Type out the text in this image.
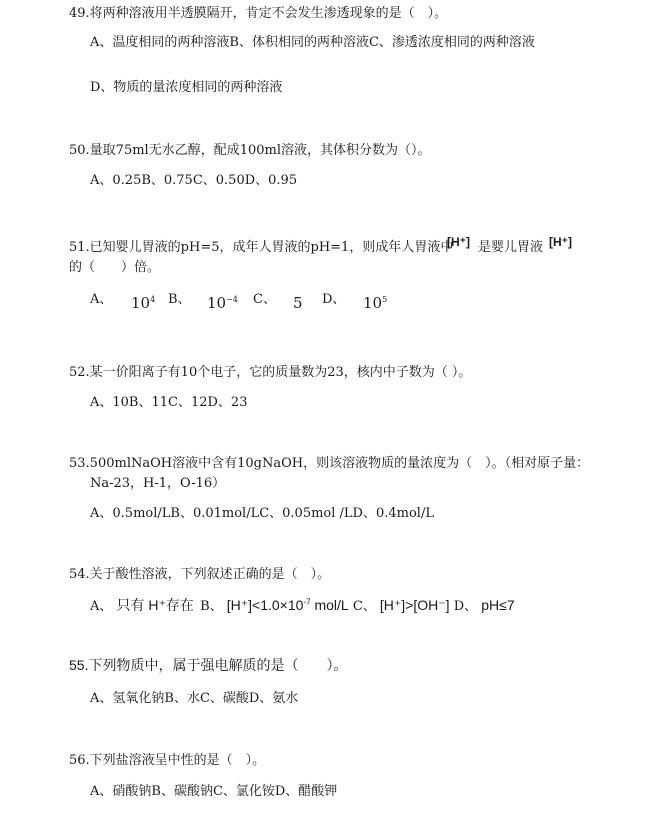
49.将两种溶液用半透膜隔开，肯定不会发生渗透现象的是（　）。
A、温度相同的两种溶液B、体积相同的两种溶液C、渗透浓度相同的两种溶液
D、物质的量浓度相同的两种溶液
50.量取75ml无水乙醇，配成100ml溶液，其体积分数为（）。
A、0.25B、0.75C、0.50D、0.95
51.已知婴儿胃液的pH=5，成年人胃液的pH=1，则成年人胃液中
[H⁺] 是婴儿胃液 [H⁺]
的（　　）倍。
A、 $10^4$ B、 $10^{-4}$ C、 5 D、 $10^5$
52.某一价阳离子有10个电子，它的质量数为23，核内中子数为（ ）。
A、10B、11C、12D、23
53.500mlNaOH溶液中含有10gNaOH，则该溶液物质的量浓度为（　）。（相对原子量：
Na-23，H-1，O-16）
A、0.5mol/LB、0.01mol/LC、0.05mol /LD、0.4mol/L
54.关于酸性溶液，下列叙述正确的是（　）。
A、 只有 H⁺存在 B、 $[H^+]<1.0\times 10^{-7}$ mol/L C、 [H⁺]>[OH⁻] D、 pH≤7
55.下列物质中，属于强电解质的是（　　）。
A、氢氧化钠B、水C、碳酸D、氨水
56.下列盐溶液呈中性的是（　）。
A、硝酸钠B、碳酸钠C、氯化铵D、醋酸钾
